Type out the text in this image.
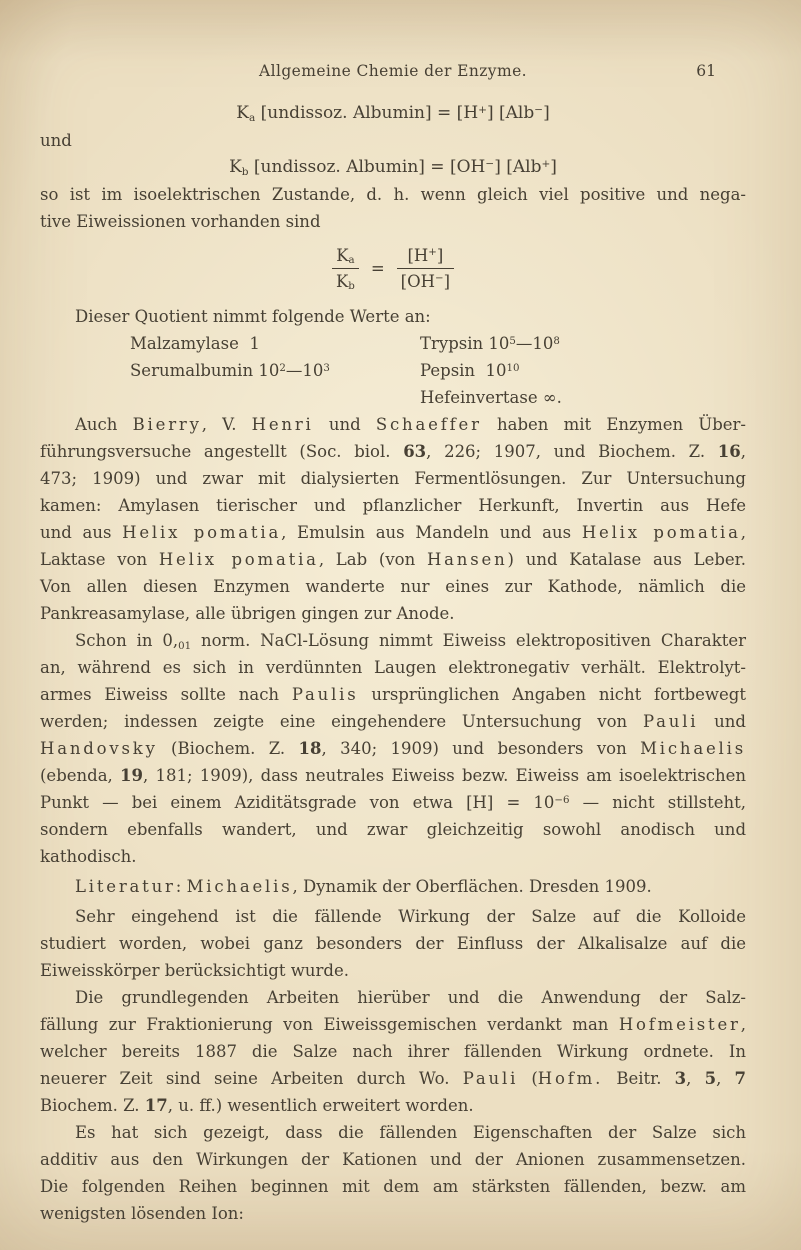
Allgemeine Chemie der Enzyme.	61
Ka [undissoz. Albumin] = [H+] [Alb−]
und
Kb [undissoz. Albumin] = [OH−] [Alb+]
so ist im isoelektrischen Zustande, d. h. wenn gleich viel positive und nega-
tive Eiweissionen vorhanden sind
$\frac{Ka}{Kb} = \frac{[H^+]}{[OH^-]}$
Dieser Quotient nimmt folgende Werte an:
Malzamylase  1
Serumalbumin $10^2—10^3$
Trypsin $10^5—10^8$
Pepsin  $10^{10}$
Hefeinvertase ∞.
Auch Bierry, V. Henri und Schaeffer haben mit Enzymen Über-
führungsversuche angestellt (Soc. biol. 63, 226; 1907, und Biochem. Z. 16,
473; 1909) und zwar mit dialysierten Fermentlösungen. Zur Untersuchung
kamen: Amylasen tierischer und pflanzlicher Herkunft, Invertin aus Hefe
und aus Helix pomatia, Emulsin aus Mandeln und aus Helix pomatia,
Laktase von Helix pomatia, Lab (von Hansen) und Katalase aus Leber.
Von allen diesen Enzymen wanderte nur eines zur Kathode, nämlich die
Pankreasamylase, alle übrigen gingen zur Anode.
Schon in 0,01 norm. NaCl-Lösung nimmt Eiweiss elektropositiven Charakter
an, während es sich in verdünnten Laugen elektronegativ verhält. Elektrolyt-
armes Eiweiss sollte nach Paulis ursprünglichen Angaben nicht fortbewegt
werden; indessen zeigte eine eingehendere Untersuchung von Pauli und
Handovsky (Biochem. Z. 18, 340; 1909) und besonders von Michaelis
(ebenda, 19, 181; 1909), dass neutrales Eiweiss bezw. Eiweiss am isoelektrischen
Punkt — bei einem Aziditätsgrade von etwa $[H] = 10^{-6}$ — nicht stillsteht,
sondern ebenfalls wandert, und zwar gleichzeitig sowohl anodisch und
kathodisch.
Literatur: Michaelis, Dynamik der Oberflächen. Dresden 1909.
Sehr eingehend ist die fällende Wirkung der Salze auf die Kolloide
studiert worden, wobei ganz besonders der Einfluss der Alkalisalze auf die
Eiweisskörper berücksichtigt wurde.
Die grundlegenden Arbeiten hierüber und die Anwendung der Salz-
fällung zur Fraktionierung von Eiweissgemischen verdankt man Hofmeister,
welcher bereits 1887 die Salze nach ihrer fällenden Wirkung ordnete. In
neuerer Zeit sind seine Arbeiten durch Wo. Pauli (Hofm. Beitr. 3, 5, 7
Biochem. Z. 17, u. ff.) wesentlich erweitert worden.
Es hat sich gezeigt, dass die fällenden Eigenschaften der Salze sich
additiv aus den Wirkungen der Kationen und der Anionen zusammensetzen.
Die folgenden Reihen beginnen mit dem am stärksten fällenden, bezw. am
wenigsten lösenden Ion:
